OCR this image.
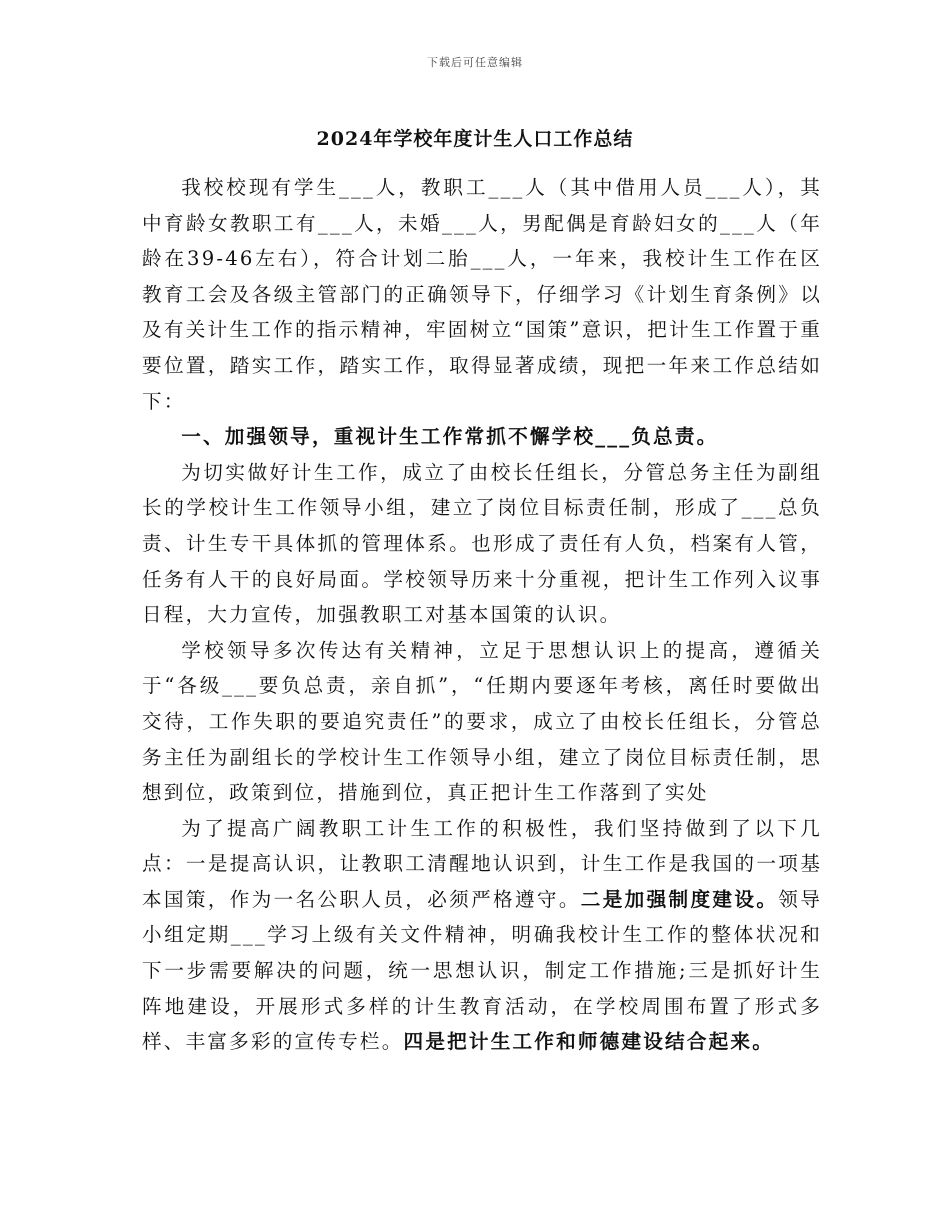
下载后可任意编辑
2024年学校年度计生人口工作总结

我校校现有学生___人，教职工___人（其中借用人员___人），其中育龄女教职工有___人，未婚___人，男配偶是育龄妇女的___人（年龄在39-46左右），符合计划二胎___人，一年来，我校计生工作在区教育工会及各级主管部门的正确领导下，仔细学习《计划生育条例》以及有关计生工作的指示精神，牢固树立“国策”意识，把计生工作置于重要位置，踏实工作，踏实工作，取得显著成绩，现把一年来工作总结如下：

一、加强领导，重视计生工作常抓不懈学校___负总责。

为切实做好计生工作，成立了由校长任组长，分管总务主任为副组长的学校计生工作领导小组，建立了岗位目标责任制，形成了___总负责、计生专干具体抓的管理体系。也形成了责任有人负，档案有人管，任务有人干的良好局面。学校领导历来十分重视，把计生工作列入议事日程，大力宣传，加强教职工对基本国策的认识。

学校领导多次传达有关精神，立足于思想认识上的提高，遵循关于“各级___要负总责，亲自抓”，“任期内要逐年考核，离任时要做出交待，工作失职的要追究责任”的要求，成立了由校长任组长，分管总务主任为副组长的学校计生工作领导小组，建立了岗位目标责任制，思想到位，政策到位，措施到位，真正把计生工作落到了实处

为了提高广阔教职工计生工作的积极性，我们坚持做到了以下几点：一是提高认识，让教职工清醒地认识到，计生工作是我国的一项基本国策，作为一名公职人员，必须严格遵守。二是加强制度建设。领导小组定期___学习上级有关文件精神，明确我校计生工作的整体状况和下一步需要解决的问题，统一思想认识，制定工作措施;三是抓好计生阵地建设，开展形式多样的计生教育活动，在学校周围布置了形式多样、丰富多彩的宣传专栏。四是把计生工作和师德建设结合起来。
